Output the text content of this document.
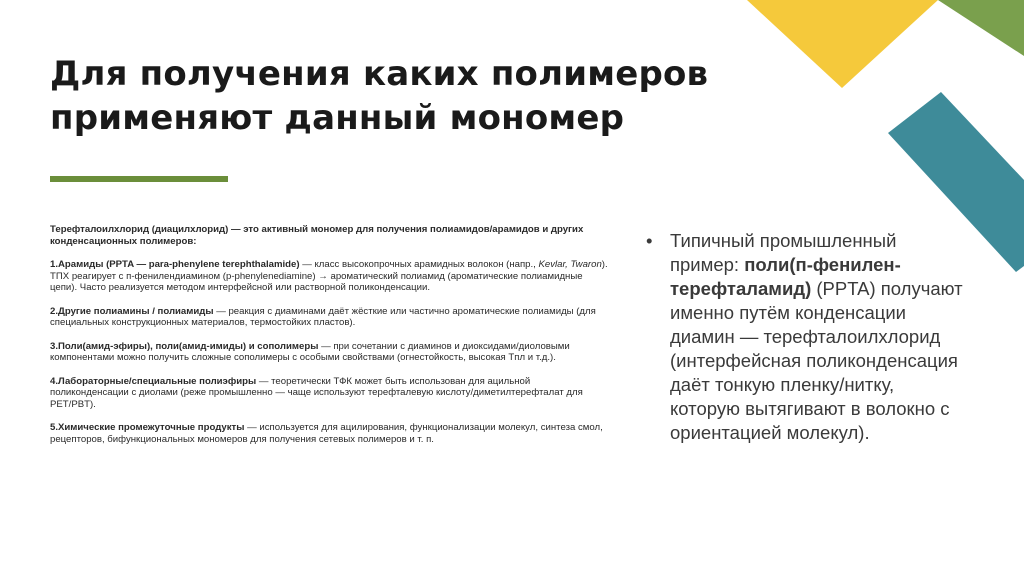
Для получения каких полимеров
применяют данный мономер

Терефталоилхлорид (диацилхлорид) — это активный мономер для получения полиамидов/арамидов и других конденсационных полимеров:

1.Арамиды (PPTA — para-phenylene terephthalamide) — класс высокопрочных арамидных волокон (напр., Kevlar, Twaron). ТПХ реагирует с п-фенилендиамином (p-phenylenediamine) → ароматический полиамид (ароматические полиамидные цепи). Часто реализуется методом интерфейсной или растворной поликонденсации.

2.Другие полиамины / полиамиды — реакция с диаминами даёт жёсткие или частично ароматические полиамиды (для специальных конструкционных материалов, термостойких пластов).

3.Поли(амид-эфиры), поли(амид-имиды) и сополимеры — при сочетании с диаминов и диоксидами/диоловыми компонентами можно получить сложные сополимеры с особыми свойствами (огнестойкость, высокая Tпл и т.д.).

4.Лабораторные/специальные полиэфиры — теоретически ТФК может быть использован для ацильной поликонденсации с диолами (реже промышленно — чаще используют терефталевую кислоту/диметилтерефталат для PET/PBT).

5.Химические промежуточные продукты — используется для ацилирования, функционализации молекул, синтеза смол, рецепторов, бифункциональных мономеров для получения сетевых полимеров и т. п.

• Типичный промышленный пример: поли(п-фенилен-терефталамид) (PPTA) получают именно путём конденсации диамин — терефталоилхлорид (интерфейсная поликонденсация даёт тонкую пленку/нитку, которую вытягивают в волокно с ориентацией молекул).
